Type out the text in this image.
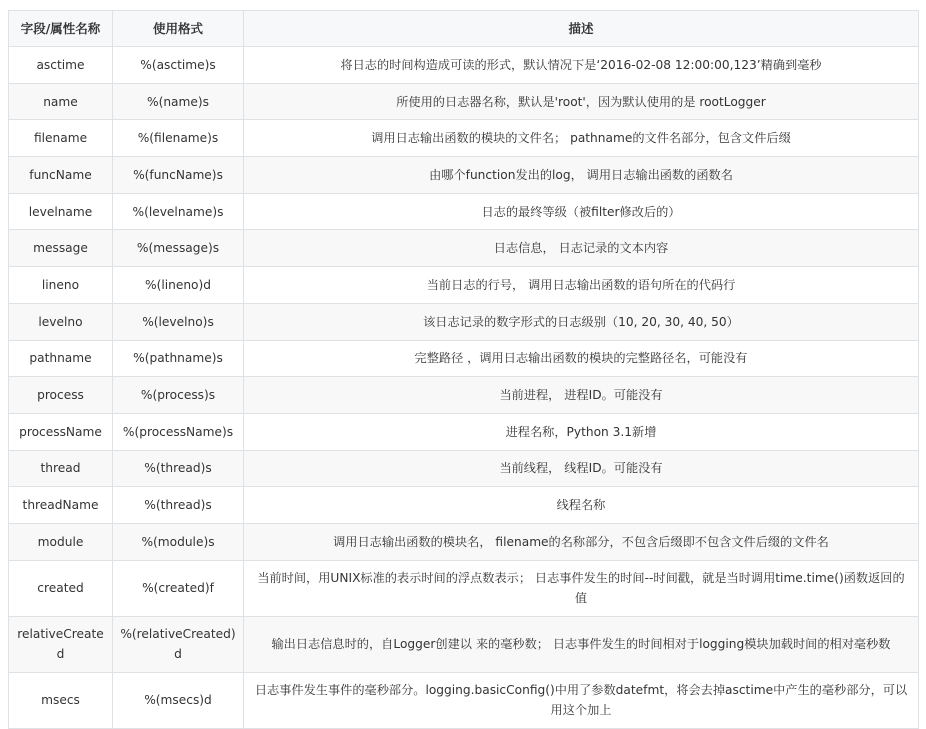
字段/属性名称	使用格式	描述
asctime	%(asctime)s	将日志的时间构造成可读的形式，默认情况下是‘2016-02-08 12:00:00,123’精确到毫秒
name	%(name)s	所使用的日志器名称，默认是'root'，因为默认使用的是 rootLogger
filename	%(filename)s	调用日志输出函数的模块的文件名； pathname的文件名部分，包含文件后缀
funcName	%(funcName)s	由哪个function发出的log， 调用日志输出函数的函数名
levelname	%(levelname)s	日志的最终等级（被filter修改后的）
message	%(message)s	日志信息， 日志记录的文本内容
lineno	%(lineno)d	当前日志的行号， 调用日志输出函数的语句所在的代码行
levelno	%(levelno)s	该日志记录的数字形式的日志级别（10, 20, 30, 40, 50）
pathname	%(pathname)s	完整路径 ，调用日志输出函数的模块的完整路径名，可能没有
process	%(process)s	当前进程， 进程ID。可能没有
processName	%(processName)s	进程名称，Python 3.1新增
thread	%(thread)s	当前线程， 线程ID。可能没有
threadName	%(thread)s	线程名称
module	%(module)s	调用日志输出函数的模块名， filename的名称部分，不包含后缀即不包含文件后缀的文件名
created	%(created)f	当前时间，用UNIX标准的表示时间的浮点数表示； 日志事件发生的时间--时间戳，就是当时调用time.time()函数返回的值
relativeCreated	%(relativeCreated)d	输出日志信息时的，自Logger创建以 来的毫秒数； 日志事件发生的时间相对于logging模块加载时间的相对毫秒数
msecs	%(msecs)d	日志事件发生事件的毫秒部分。logging.basicConfig()中用了参数datefmt，将会去掉asctime中产生的毫秒部分，可以用这个加上
